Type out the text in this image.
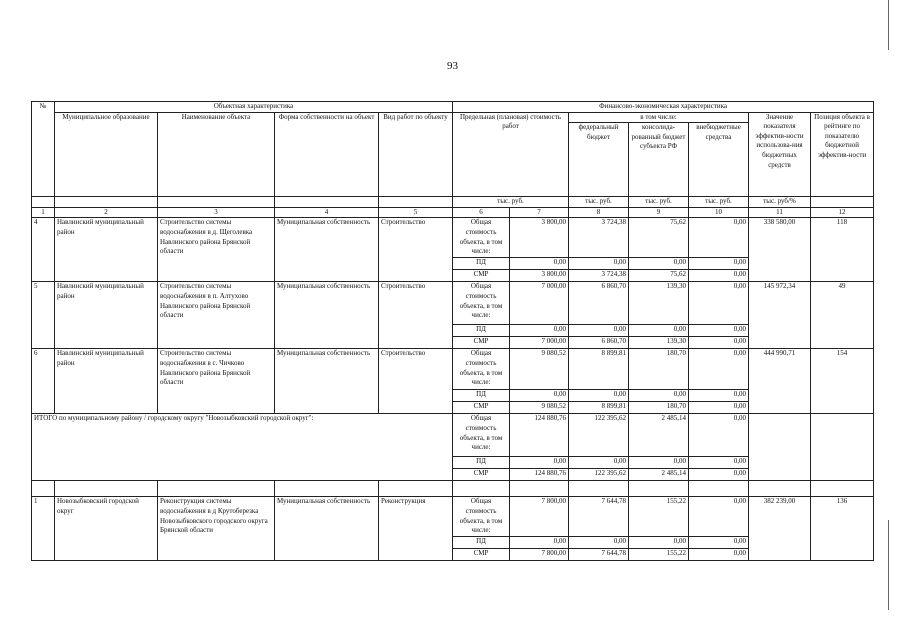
93
№	Объектная характеристика				Финансово-экономическая характеристика						
	Муниципальное образование	Наименование объекта	Форма собственности на объект	Вид работ по объекту	Предельная (плановая) стоимость работ		в том числе:			Значение показателя эффектив-ности использова-ния бюджетных средств	Позиция объекта в рейтинге по показателю бюджетной эффектив-ности
							федеральный бюджет	консолида-рованный бюджет субъекта РФ	внебюджетные средства		
					тыс. руб.		тыс. руб.	тыс. руб.	тыс. руб.	тыс. руб/%	
1	2	3	4	5	6	7	8	9	10	11	12
4	Навлинский муниципальный район	Строительство системы водоснабжения в д. Щеголевка Навлинского района Брянской области	Муниципальная собственность	Строительство	Общая стоимость объекта, в том числе:	3 800,00	3 724,38	75,62	0,00	338 580,00	118
					ПД	0,00	0,00	0,00	0,00		
					СМР	3 800,00	3 724,38	75,62	0,00		
5	Навлинский муниципальный район	Строительство системы водоснабжения в п. Алтухово Навлинского района Брянской области	Муниципальная собственность	Строительство	Общая стоимость объекта, в том числе:	7 000,00	6 860,70	139,30	0,00	145 972,34	49
					ПД	0,00	0,00	0,00	0,00		
					СМР	7 000,00	6 860,70	139,30	0,00		
6	Навлинский муниципальный район	Строительство системы водоснабжения в с. Чичково Навлинского района Брянской области	Муниципальная собственность	Строительство	Общая стоимость объекта, в том числе:	9 080,52	8 899,81	180,70	0,00	444 990,71	154
					ПД	0,00	0,00	0,00	0,00		
					СМР	9 080,52	8 899,81	180,70	0,00		
ИТОГО по муниципальному району / городскому округу "Новозыбковский городской округ":					Общая стоимость объекта, в том числе:	124 880,76	122 395,62	2 485,14	0,00		
					ПД	0,00	0,00	0,00	0,00		
					СМР	124 880,76	122 395,62	2 485,14	0,00		

1	Новозыбковский городской округ	Реконструкция системы водоснабжения в д Крутоберезка Новозыбковского городского округа Брянской области	Муниципальная собственность	Реконструкция	Общая стоимость объекта, в том числе:	7 800,00	7 644,78	155,22	0,00	382 239,00	136
					ПД	0,00	0,00	0,00	0,00		
					СМР	7 800,00	7 644,78	155,22	0,00		
